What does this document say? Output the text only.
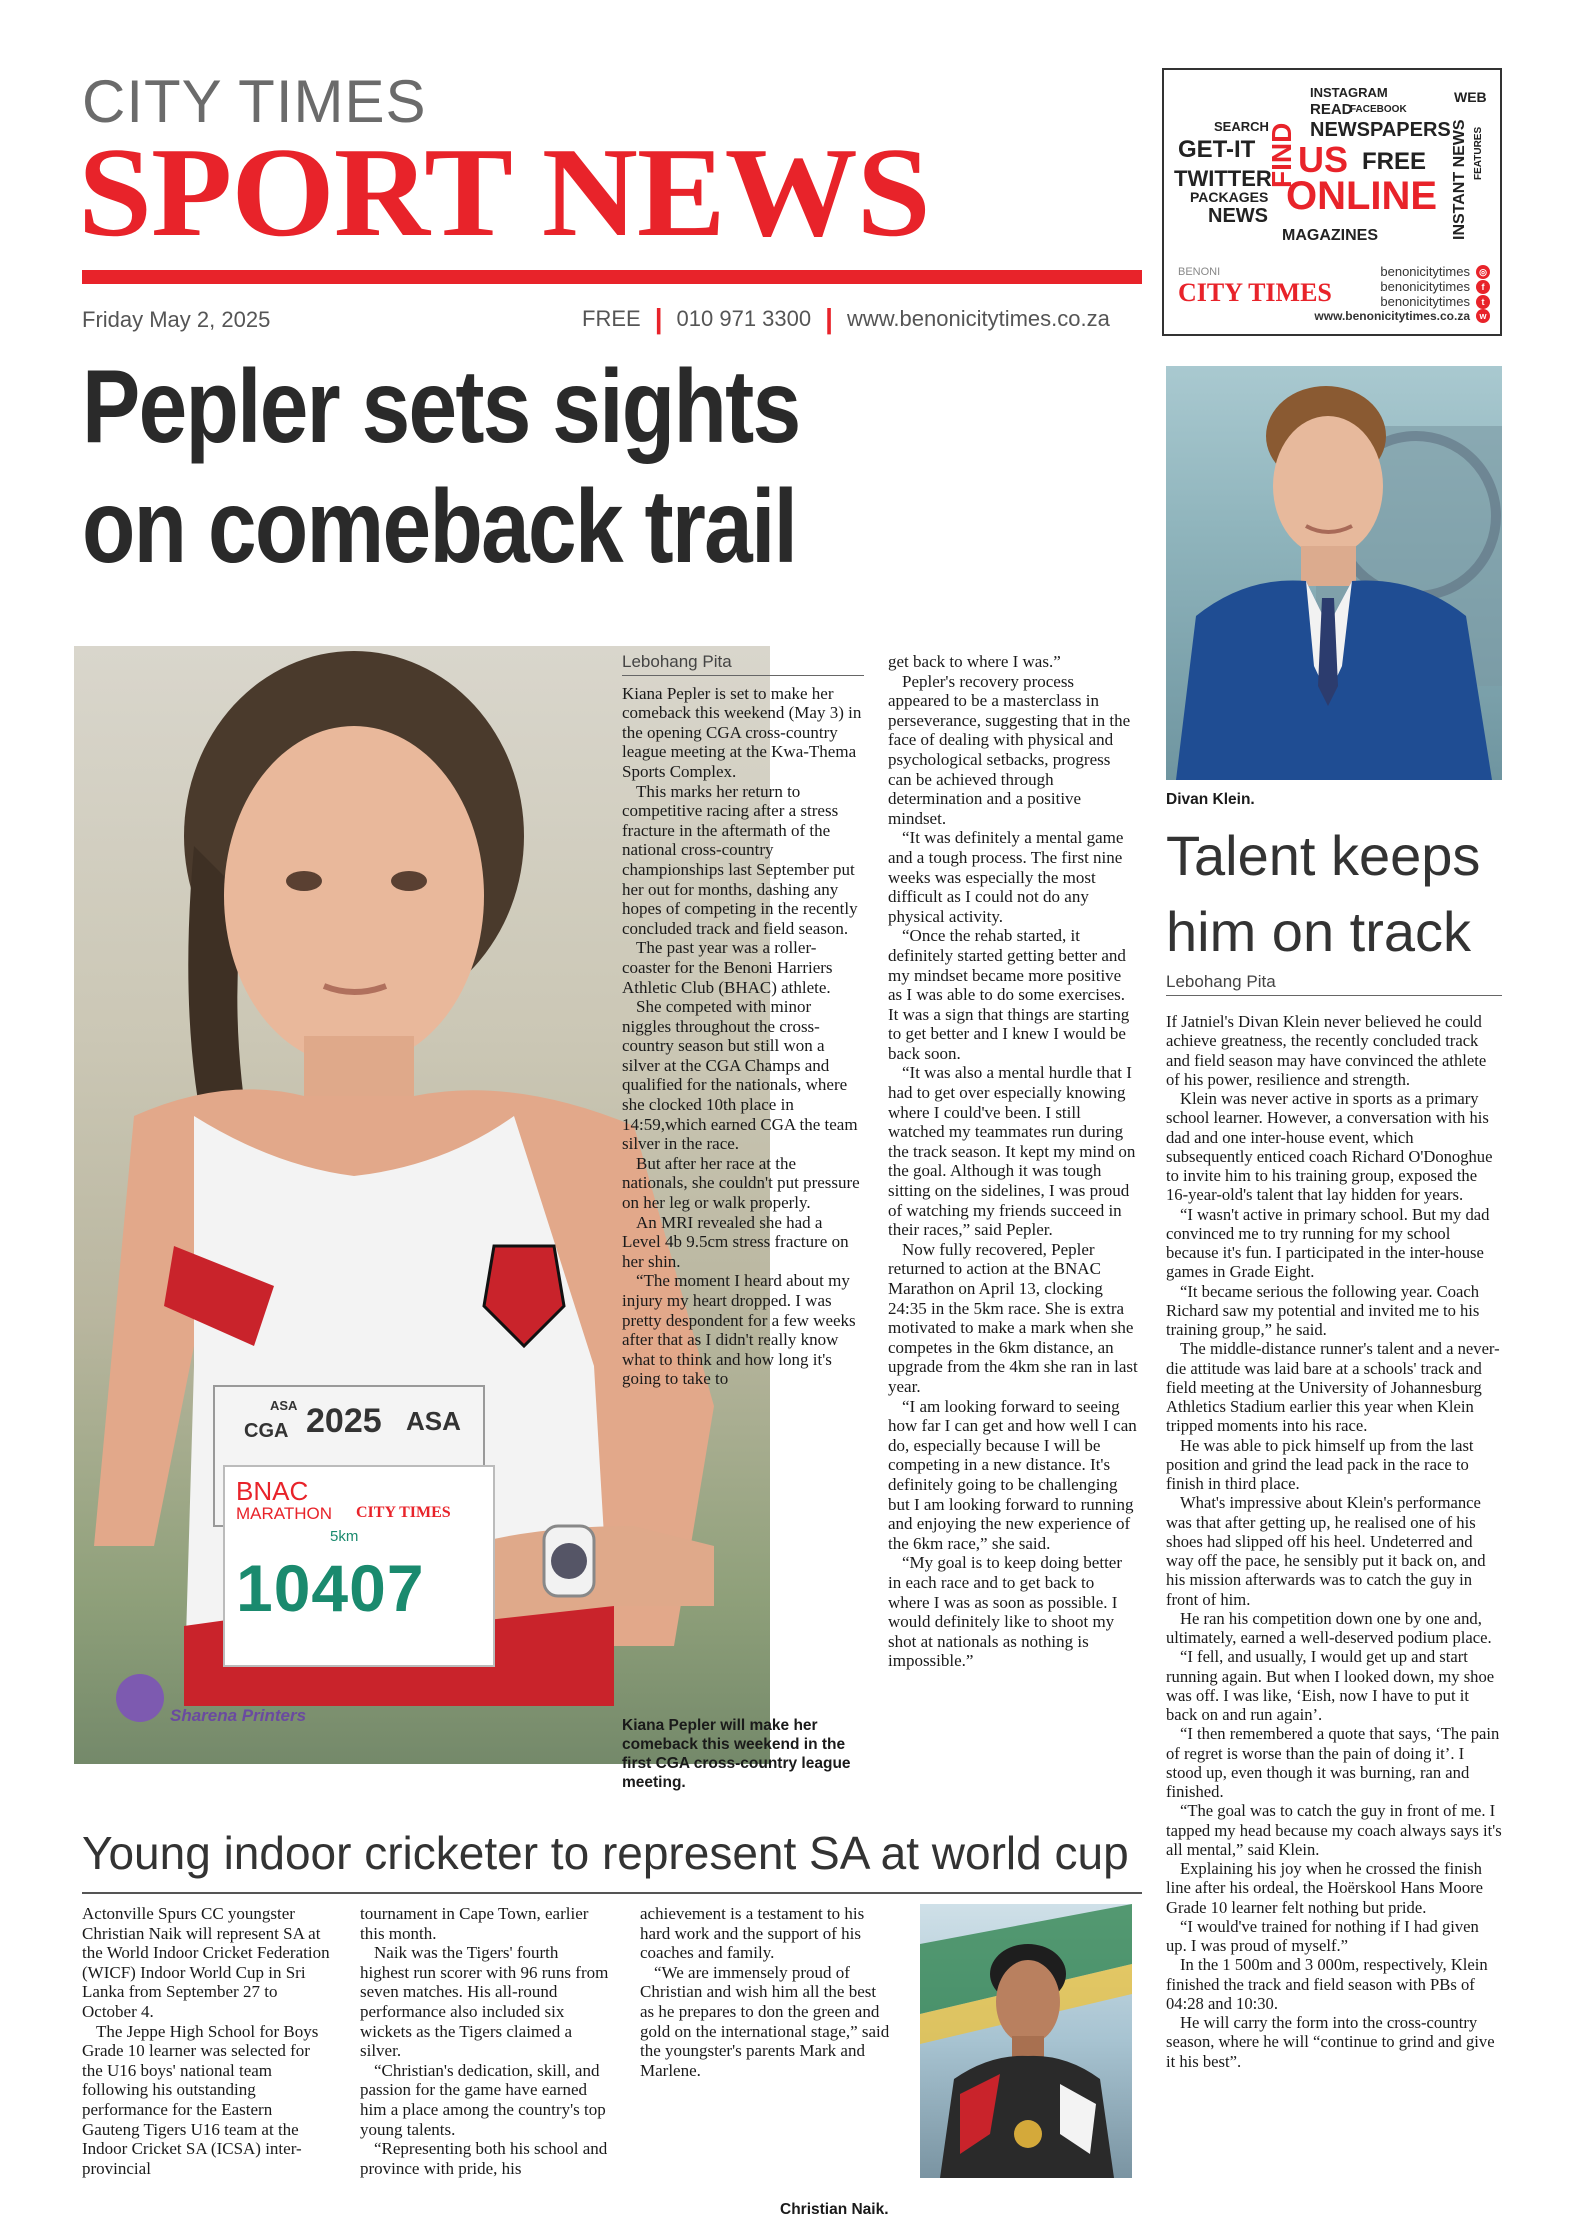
CITY TIMES
SPORT NEWS
Friday May 2, 2025	FREE | 010 971 3300 | www.benonicitytimes.co.za
INSTAGRAM
READ
FACEBOOK
WEB
SEARCH NEWSPAPERS
GET-IT FIND US FREE
TWITTER
PACKAGES ONLINE
NEWS
MAGAZINES	INSTANT NEWS FEATURES
BENONI
CITY TIMES
benonicitytimes	◎
benonicitytimes	f
benonicitytimes	t
www.benonicitytimes.co.za	w
Pepler sets sights
on comeback trail
ASA
CGA 2025 ASA
BNAC
MARATHON CITY TIMES
5km
10407
Sharena Printers
Lebohang Pita

Kiana Pepler is set to make her comeback this weekend (May 3) in the opening CGA cross-country league meeting at the Kwa-Thema Sports Complex.

This marks her return to competitive racing after a stress fracture in the aftermath of the national cross-country championships last September put her out for months, dashing any hopes of competing in the recently concluded track and field season.

The past year was a roller-coaster for the Benoni Harriers Athletic Club (BHAC) athlete.

She competed with minor niggles throughout the cross-country season but still won a silver at the CGA Champs and qualified for the nationals, where she clocked 10th place in 14:59,which earned CGA the team silver in the race.

But after her race at the nationals, she couldn't put pressure on her leg or walk properly.

An MRI revealed she had a Level 4b 9.5cm stress fracture on her shin.

“The moment I heard about my injury my heart dropped. I was pretty despondent for a few weeks after that as I didn't really know what to think and how long it's going to take to

get back to where I was.”

Pepler's recovery process appeared to be a masterclass in perseverance, suggesting that in the face of dealing with physical and psychological setbacks, progress can be achieved through determination and a positive mindset.

“It was definitely a mental game and a tough process. The first nine weeks was especially the most difficult as I could not do any physical activity.

“Once the rehab started, it definitely started getting better and my mindset became more positive as I was able to do some exercises. It was a sign that things are starting to get better and I knew I would be back soon.

“It was also a mental hurdle that I had to get over especially knowing where I could've been. I still watched my teammates run during the track season. It kept my mind on the goal. Although it was tough sitting on the sidelines, I was proud of watching my friends succeed in their races,” said Pepler.

Now fully recovered, Pepler returned to action at the BNAC Marathon on April 13, clocking 24:35 in the 5km race. She is extra motivated to make a mark when she competes in the 6km distance, an upgrade from the 4km she ran in last year.

“I am looking forward to seeing how far I can get and how well I can do, especially because I will be competing in a new distance. It's definitely going to be challenging but I am looking forward to running and enjoying the new experience of the 6km race,” she said.

“My goal is to keep doing better in each race and to get back to where I was as soon as possible. I would definitely like to shoot my shot at nationals as nothing is impossible.”

Kiana Pepler will make her comeback this weekend in the first CGA cross-country league meeting.
Divan Klein.
Talent keeps
him on track
Lebohang Pita

If Jatniel's Divan Klein never believed he could achieve greatness, the recently concluded track and field season may have convinced the athlete of his power, resilience and strength.

Klein was never active in sports as a primary school learner. However, a conversation with his dad and one inter-house event, which subsequently enticed coach Richard O'Donoghue to invite him to his training group, exposed the 16-year-old's talent that lay hidden for years.

“I wasn't active in primary school. But my dad convinced me to try running for my school because it's fun. I participated in the inter-house games in Grade Eight.

“It became serious the following year. Coach Richard saw my potential and invited me to his training group,” he said.

The middle-distance runner's talent and a never-die attitude was laid bare at a schools' track and field meeting at the University of Johannesburg Athletics Stadium earlier this year when Klein tripped moments into his race.

He was able to pick himself up from the last position and grind the lead pack in the race to finish in third place.

What's impressive about Klein's performance was that after getting up, he realised one of his shoes had slipped off his heel. Undeterred and way off the pace, he sensibly put it back on, and his mission afterwards was to catch the guy in front of him.

He ran his competition down one by one and, ultimately, earned a well-deserved podium place.

“I fell, and usually, I would get up and start running again. But when I looked down, my shoe was off. I was like, ‘Eish, now I have to put it back on and run again’.

“I then remembered a quote that says, ‘The pain of regret is worse than the pain of doing it’. I stood up, even though it was burning, ran and finished.

“The goal was to catch the guy in front of me. I tapped my head because my coach always says it's all mental,” said Klein.

Explaining his joy when he crossed the finish line after his ordeal, the Hoërskool Hans Moore Grade 10 learner felt nothing but pride.

“I would've trained for nothing if I had given up. I was proud of myself.”

In the 1 500m and 3 000m, respectively, Klein finished the track and field season with PBs of 04:28 and 10:30.

He will carry the form into the cross-country season, where he will “continue to grind and give it his best”.

Young indoor cricketer to represent SA at world cup

Actonville Spurs CC youngster Christian Naik will represent SA at the World Indoor Cricket Federation (WICF) Indoor World Cup in Sri Lanka from September 27 to October 4.

The Jeppe High School for Boys Grade 10 learner was selected for the U16 boys' national team following his outstanding performance for the Eastern Gauteng Tigers U16 team at the Indoor Cricket SA (ICSA) inter-provincial

tournament in Cape Town, earlier this month.

Naik was the Tigers' fourth highest run scorer with 96 runs from seven matches. His all-round performance also included six wickets as the Tigers claimed a silver.

“Christian's dedication, skill, and passion for the game have earned him a place among the country's top young talents.

“Representing both his school and province with pride, his

achievement is a testament to his hard work and the support of his coaches and family.

“We are immensely proud of Christian and wish him all the best as he prepares to don the green and gold on the international stage,” said the youngster's parents Mark and Marlene.

Christian Naik.
